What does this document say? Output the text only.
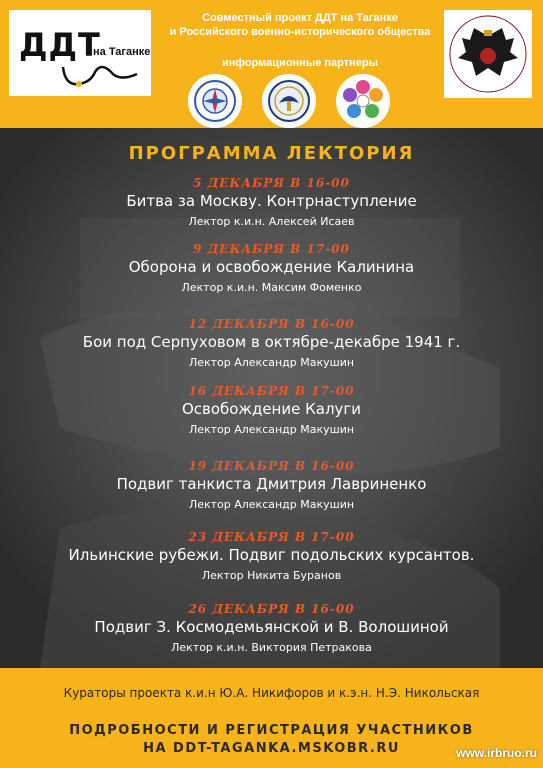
ДДТ
на Таганке
Совместный проект ДДТ на Таганке
и Российского военно-исторического общества
информационные партнеры
ПРОГРАММА ЛЕКТОРИЯ
5 ДЕКАБРЯ В 16-00
Битва за Москву. Контрнаступление
Лектор к.и.н. Алексей Исаев
9 ДЕКАБРЯ В 17-00
Оборона и освобождение Калинина
Лектор к.и.н. Максим Фоменко
12 ДЕКАБРЯ В 16-00
Бои под Серпуховом в октябре-декабре 1941 г.
Лектор Александр Макушин
16 ДЕКАБРЯ В 17-00
Освобождение Калуги
Лектор Александр Макушин
19 ДЕКАБРЯ В 16-00
Подвиг танкиста Дмитрия Лавриненко
Лектор Александр Макушин
23 ДЕКАБРЯ В 17-00
Ильинские рубежи. Подвиг подольских курсантов.
Лектор Никита Буранов
26 ДЕКАБРЯ В 16-00
Подвиг З. Космодемьянской и В. Волошиной
Лектор к.и.н. Виктория Петракова
Кураторы проекта к.и.н Ю.А. Никифоров и к.э.н. Н.Э. Никольская
ПОДРОБНОСТИ И РЕГИСТРАЦИЯ УЧАСТНИКОВ
НА DDT-TAGANKA.MSKOBR.RU	www.irbruo.ru
